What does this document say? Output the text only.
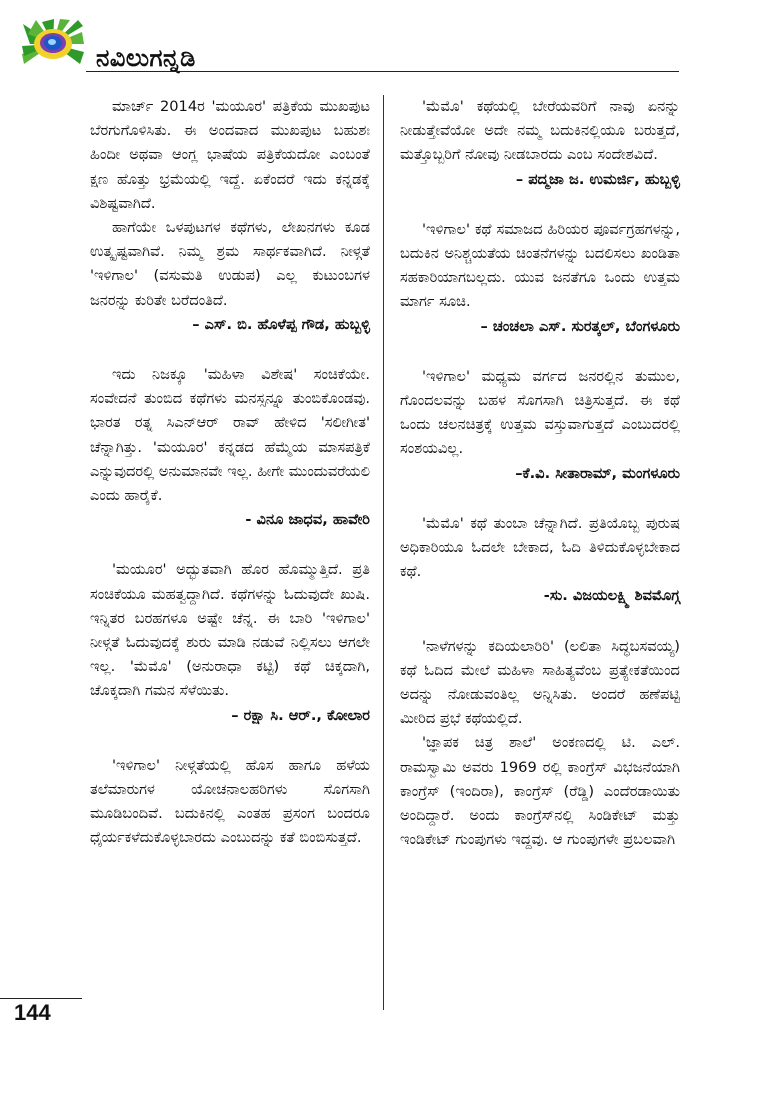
ನವಿಲುಗನ್ನಡಿ

ಮಾರ್ಚ್ 2014ರ 'ಮಯೂರ' ಪತ್ರಿಕೆಯ ಮುಖಪುಟ ಬೆರಗುಗೊಳಿಸಿತು. ಈ ಅಂದವಾದ ಮುಖಪುಟ ಬಹುಶಃ ಹಿಂದೀ ಅಥವಾ ಆಂಗ್ಲ ಭಾಷೆಯ ಪತ್ರಿಕೆಯದೋ ಎಂಬಂತೆ ಕ್ಷಣ ಹೊತ್ತು ಭ್ರಮೆಯಲ್ಲಿ ಇದ್ದೆ. ಏಕೆಂದರೆ ಇದು ಕನ್ನಡಕ್ಕೆ ವಿಶಿಷ್ಟವಾಗಿದೆ.

ಹಾಗೆಯೇ ಒಳಪುಟಗಳ ಕಥೆಗಳು, ಲೇಖನಗಳು ಕೂಡ ಉತ್ಕೃಷ್ಟವಾಗಿವೆ. ನಿಮ್ಮ ಶ್ರಮ ಸಾರ್ಥಕವಾಗಿದೆ. ನೀಳ್ಗತೆ 'ಇಳಿಗಾಲ' (ವಸುಮತಿ ಉಡುಪ) ಎಲ್ಲ ಕುಟುಂಬಗಳ ಜನರನ್ನು ಕುರಿತೇ ಬರೆದಂತಿದೆ.

– ಎಸ್. ಬಿ. ಹೊಳೆಪ್ಪ ಗೌಡ, ಹುಬ್ಬಳ್ಳಿ

ಇದು ನಿಜಕ್ಕೂ 'ಮಹಿಳಾ ವಿಶೇಷ' ಸಂಚಿಕೆಯೇ. ಸಂವೇದನೆ ತುಂಬಿದ ಕಥೆಗಳು ಮನಸ್ಸನ್ನೂ ತುಂಬಿಕೊಂಡವು. ಭಾರತ ರತ್ನ ಸಿಎನ್ಆರ್ ರಾವ್ ಹೇಳಿದ 'ಸಲೀಗೀತ' ಚೆನ್ನಾಗಿತ್ತು. 'ಮಯೂರ' ಕನ್ನಡದ ಹೆಮ್ಮೆಯ ಮಾಸಪತ್ರಿಕೆ ಎನ್ನುವುದರಲ್ಲಿ ಅನುಮಾನವೇ ಇಲ್ಲ. ಹೀಗೇ ಮುಂದುವರೆಯಲಿ ಎಂದು ಹಾರೈಕೆ.

- ವಿನೂ ಜಾಧವ, ಹಾವೇರಿ

'ಮಯೂರ' ಅದ್ಭುತವಾಗಿ ಹೊರ ಹೊಮ್ಮುತ್ತಿದೆ. ಪ್ರತಿ ಸಂಚಿಕೆಯೂ ಮಹತ್ವದ್ದಾಗಿದೆ. ಕಥೆಗಳನ್ನು ಓದುವುದೇ ಖುಷಿ. ಇನ್ನಿತರ ಬರಹಗಳೂ ಅಷ್ಟೇ ಚೆನ್ನ. ಈ ಬಾರಿ 'ಇಳಿಗಾಲ' ನೀಳ್ಗತೆ ಓದುವುದಕ್ಕೆ ಶುರು ಮಾಡಿ ನಡುವೆ ನಿಲ್ಲಿಸಲು ಆಗಲೇ ಇಲ್ಲ. 'ಮೆಮೊ' (ಅನುರಾಧಾ ಕಟ್ಟಿ) ಕಥೆ ಚಿಕ್ಕದಾಗಿ, ಚೊಕ್ಕದಾಗಿ ಗಮನ ಸೆಳೆಯಿತು.

– ರಕ್ಷಾ ಸಿ. ಆರ್., ಕೋಲಾರ

'ಇಳಿಗಾಲ' ನೀಳ್ಗತೆಯಲ್ಲಿ ಹೊಸ ಹಾಗೂ ಹಳೆಯ ತಲೆಮಾರುಗಳ ಯೋಚನಾಲಹರಿಗಳು ಸೊಗಸಾಗಿ ಮೂಡಿಬಂದಿವೆ. ಬದುಕಿನಲ್ಲಿ ಎಂತಹ ಪ್ರಸಂಗ ಬಂದರೂ ಧೈರ್ಯಕಳೆದುಕೊಳ್ಳಬಾರದು ಎಂಬುದನ್ನು ಕತೆ ಬಿಂಬಿಸುತ್ತದೆ.

'ಮೆಮೊ' ಕಥೆಯಲ್ಲಿ ಬೇರೆಯವರಿಗೆ ನಾವು ಏನನ್ನು ನೀಡುತ್ತೇವೆಯೋ ಅದೇ ನಮ್ಮ ಬದುಕಿನಲ್ಲಿಯೂ ಬರುತ್ತದೆ, ಮತ್ತೊಬ್ಬರಿಗೆ ನೋವು ನೀಡಬಾರದು ಎಂಬ ಸಂದೇಶವಿದೆ.

– ಪದ್ಮಜಾ ಜ. ಉಮರ್ಜಿ, ಹುಬ್ಬಳ್ಳಿ

'ಇಳಿಗಾಲ' ಕಥೆ ಸಮಾಜದ ಹಿರಿಯರ ಪೂರ್ವಗ್ರಹಗಳನ್ನು, ಬದುಕಿನ ಅನಿಶ್ಚಯತೆಯ ಚಿಂತನೆಗಳನ್ನು ಬದಲಿಸಲು ಖಂಡಿತಾ ಸಹಕಾರಿಯಾಗಬಲ್ಲದು. ಯುವ ಜನತೆಗೂ ಒಂದು ಉತ್ತಮ ಮಾರ್ಗ ಸೂಚಿ.

– ಚಂಚಲಾ ಎಸ್. ಸುರತ್ಕಲ್, ಬೆಂಗಳೂರು

'ಇಳಿಗಾಲ' ಮಧ್ಯಮ ವರ್ಗದ ಜನರಲ್ಲಿನ ತುಮುಲ, ಗೊಂದಲವನ್ನು ಬಹಳ ಸೊಗಸಾಗಿ ಚಿತ್ರಿಸುತ್ತದೆ. ಈ ಕಥೆ ಒಂದು ಚಲನಚಿತ್ರಕ್ಕೆ ಉತ್ತಮ ವಸ್ತುವಾಗುತ್ತದೆ ಎಂಬುದರಲ್ಲಿ ಸಂಶಯವಿಲ್ಲ.

–ಕೆ.ವಿ. ಸೀತಾರಾಮ್, ಮಂಗಳೂರು

'ಮೆಮೊ' ಕಥೆ ತುಂಬಾ ಚೆನ್ನಾಗಿದೆ. ಪ್ರತಿಯೊಬ್ಬ ಪುರುಷ ಅಧಿಕಾರಿಯೂ ಓದಲೇ ಬೇಕಾದ, ಓದಿ ತಿಳಿದುಕೊಳ್ಳಬೇಕಾದ ಕಥೆ.

-ಸು. ವಿಜಯಲಕ್ಷ್ಮಿ ಶಿವಮೊಗ್ಗ

'ನಾಳೆಗಳನ್ನು ಕದಿಯಲಾರಿರಿ' (ಲಲಿತಾ ಸಿದ್ಧಬಸವಯ್ಯ) ಕಥೆ ಓದಿದ ಮೇಲೆ ಮಹಿಳಾ ಸಾಹಿತ್ಯವೆಂಬ ಪ್ರತ್ಯೇಕತೆಯಿಂದ ಅದನ್ನು ನೋಡುವಂತಿಲ್ಲ ಅನ್ನಿಸಿತು. ಅಂದರೆ ಹಣೆಪಟ್ಟಿ ಮೀರಿದ ಪ್ರಭೆ ಕಥೆಯಲ್ಲಿದೆ.

'ಜ್ಞಾಪಕ ಚಿತ್ರ ಶಾಲೆ' ಅಂಕಣದಲ್ಲಿ ಟಿ. ಎಲ್. ರಾಮಸ್ವಾಮಿ ಅವರು 1969 ರಲ್ಲಿ ಕಾಂಗ್ರೆಸ್ ವಿಭಜನೆಯಾಗಿ ಕಾಂಗ್ರೆಸ್ (ಇಂದಿರಾ), ಕಾಂಗ್ರೆಸ್ (ರೆಡ್ಡಿ) ಎಂದೆರಡಾಯಿತು ಅಂದಿದ್ದಾರೆ. ಅಂದು ಕಾಂಗ್ರೆಸ್‌ನಲ್ಲಿ ಸಿಂಡಿಕೇಟ್ ಮತ್ತು ಇಂಡಿಕೇಟ್ ಗುಂಪುಗಳು ಇದ್ದವು. ಆ ಗುಂಪುಗಳೇ ಪ್ರಬಲವಾಗಿ

144
